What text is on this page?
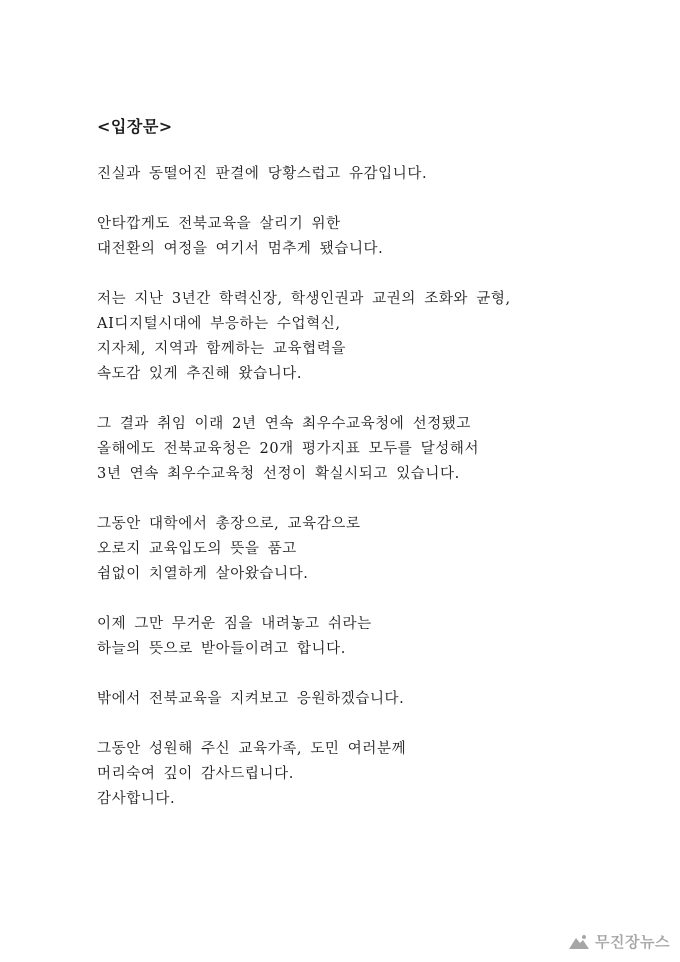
<입장문>
진실과 동떨어진 판결에 당황스럽고 유감입니다.
안타깝게도 전북교육을 살리기 위한
대전환의 여정을 여기서 멈추게 됐습니다.
저는 지난 3년간 학력신장, 학생인권과 교권의 조화와 균형,
AI디지털시대에 부응하는 수업혁신,
지자체, 지역과 함께하는 교육협력을
속도감 있게 추진해 왔습니다.
그 결과 취임 이래 2년 연속 최우수교육청에 선정됐고
올해에도 전북교육청은 20개 평가지표 모두를 달성해서
3년 연속 최우수교육청 선정이 확실시되고 있습니다.
그동안 대학에서 총장으로, 교육감으로
오로지 교육입도의 뜻을 품고
쉼없이 치열하게 살아왔습니다.
이제 그만 무거운 짐을 내려놓고 쉬라는
하늘의 뜻으로 받아들이려고 합니다.
밖에서 전북교육을 지켜보고 응원하겠습니다.
그동안 성원해 주신 교육가족, 도민 여러분께
머리숙여 깊이 감사드립니다.
감사합니다.
무진장뉴스
